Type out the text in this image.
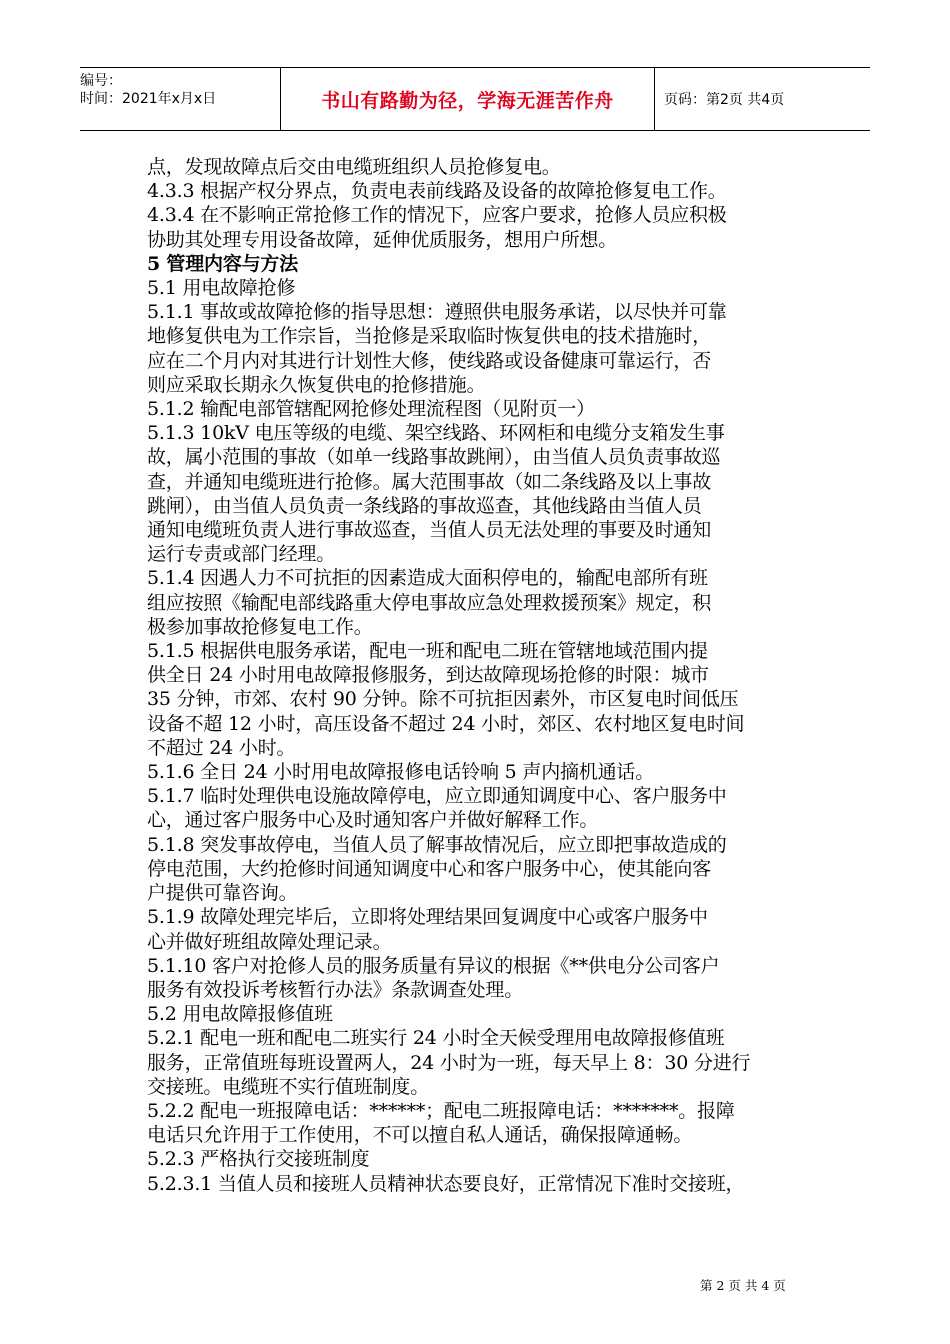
编号：
时间：2021年x月x日	书山有路勤为径，学海无涯苦作舟	页码：第2页 共4页
点，发现故障点后交由电缆班组织人员抢修复电。
4.3.3 根据产权分界点，负责电表前线路及设备的故障抢修复电工作。
4.3.4 在不影响正常抢修工作的情况下，应客户要求，抢修人员应积极
协助其处理专用设备故障，延伸优质服务，想用户所想。
5 管理内容与方法
5.1 用电故障抢修
5.1.1 事故或故障抢修的指导思想：遵照供电服务承诺，以尽快并可靠
地修复供电为工作宗旨，当抢修是采取临时恢复供电的技术措施时，
应在二个月内对其进行计划性大修，使线路或设备健康可靠运行，否
则应采取长期永久恢复供电的抢修措施。
5.1.2 输配电部管辖配网抢修处理流程图（见附页一）
5.1.3 10kV 电压等级的电缆、架空线路、环网柜和电缆分支箱发生事
故，属小范围的事故（如单一线路事故跳闸），由当值人员负责事故巡
查，并通知电缆班进行抢修。属大范围事故（如二条线路及以上事故
跳闸），由当值人员负责一条线路的事故巡查，其他线路由当值人员
通知电缆班负责人进行事故巡查，当值人员无法处理的事要及时通知
运行专责或部门经理。
5.1.4 因遇人力不可抗拒的因素造成大面积停电的，输配电部所有班
组应按照《输配电部线路重大停电事故应急处理救援预案》规定，积
极参加事故抢修复电工作。
5.1.5 根据供电服务承诺，配电一班和配电二班在管辖地域范围内提
供全日 24 小时用电故障报修服务，到达故障现场抢修的时限：城市
35 分钟，市郊、农村 90 分钟。除不可抗拒因素外，市区复电时间低压
设备不超 12 小时，高压设备不超过 24 小时，郊区、农村地区复电时间
不超过 24 小时。
5.1.6 全日 24 小时用电故障报修电话铃响 5 声内摘机通话。
5.1.7 临时处理供电设施故障停电，应立即通知调度中心、客户服务中
心，通过客户服务中心及时通知客户并做好解释工作。
5.1.8 突发事故停电，当值人员了解事故情况后，应立即把事故造成的
停电范围，大约抢修时间通知调度中心和客户服务中心，使其能向客
户提供可靠咨询。
5.1.9 故障处理完毕后，立即将处理结果回复调度中心或客户服务中
心并做好班组故障处理记录。
5.1.10 客户对抢修人员的服务质量有异议的根据《**供电分公司客户
服务有效投诉考核暂行办法》条款调查处理。
5.2 用电故障报修值班
5.2.1 配电一班和配电二班实行 24 小时全天候受理用电故障报修值班
服务，正常值班每班设置两人，24 小时为一班，每天早上 8：30 分进行
交接班。电缆班不实行值班制度。
5.2.2 配电一班报障电话：******；配电二班报障电话：*******。报障
电话只允许用于工作使用，不可以擅自私人通话，确保报障通畅。
5.2.3 严格执行交接班制度
5.2.3.1 当值人员和接班人员精神状态要良好，正常情况下准时交接班，
第 2 页 共 4 页
